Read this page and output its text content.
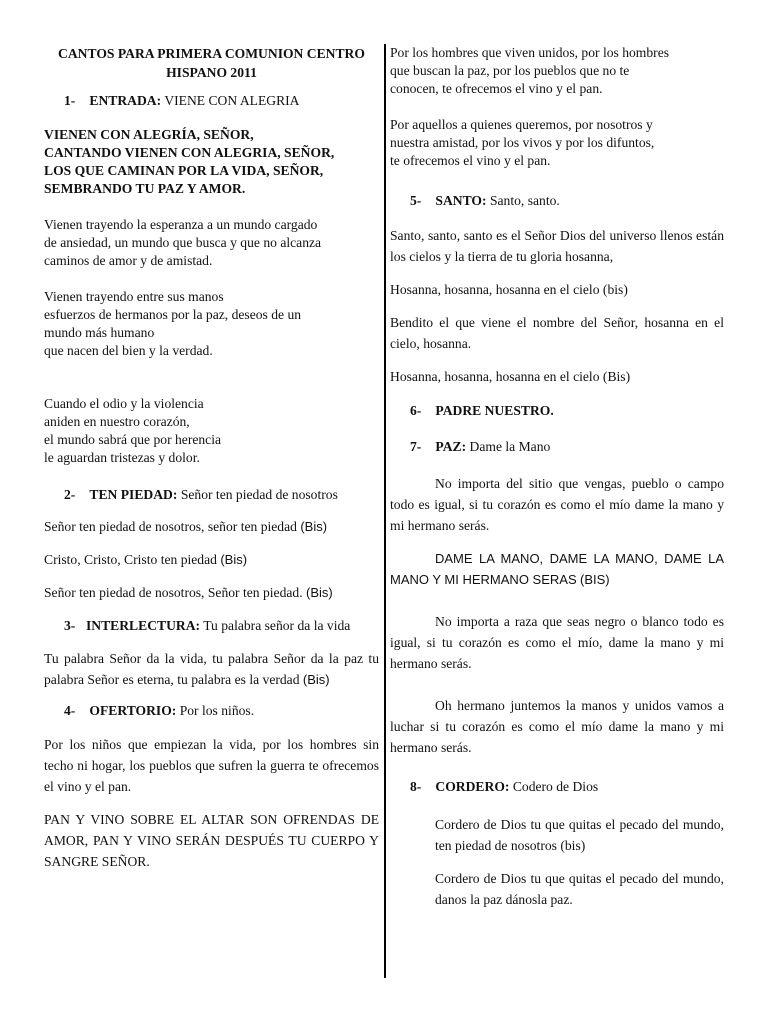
CANTOS PARA PRIMERA COMUNION CENTRO HISPANO 2011

1- ENTRADA: VIENE CON ALEGRIA

VIENEN CON ALEGRÍA, SEÑOR,

CANTANDO VIENEN CON ALEGRIA, SEÑOR,

LOS QUE CAMINAN POR LA VIDA, SEÑOR,

SEMBRANDO TU PAZ Y AMOR.

Vienen trayendo la esperanza a un mundo cargado

de ansiedad, un mundo que busca y que no alcanza

caminos de amor y de amistad.

Vienen trayendo entre sus manos

esfuerzos de hermanos por la paz, deseos de un

mundo más humano

que nacen del bien y la verdad.

Cuando el odio y la violencia

aniden en nuestro corazón,

el mundo sabrá que por herencia

le aguardan tristezas y dolor.

2- TEN PIEDAD: Señor ten piedad de nosotros

Señor ten piedad de nosotros, señor ten piedad (Bis)

Cristo, Cristo, Cristo ten piedad (Bis)

Señor ten piedad de nosotros, Señor ten piedad. (Bis)

3- INTERLECTURA: Tu palabra señor da la vida

Tu palabra Señor da la vida, tu palabra Señor da la paz tu palabra Señor es eterna, tu palabra es la verdad (Bis)

4- OFERTORIO: Por los niños.

Por los niños que empiezan la vida, por los hombres sin techo ni hogar, los pueblos que sufren la guerra te ofrecemos el vino y el pan.

PAN Y VINO SOBRE EL ALTAR SON OFRENDAS DE AMOR, PAN Y VINO SERÁN DESPUÉS TU CUERPO Y SANGRE SEÑOR.

Por los hombres que viven unidos, por los hombres

que buscan la paz, por los pueblos que no te

conocen, te ofrecemos el vino y el pan.

Por aquellos a quienes queremos, por nosotros y

nuestra amistad, por los vivos y por los difuntos,

te ofrecemos el vino y el pan.

5- SANTO: Santo, santo.

Santo, santo, santo es el Señor Dios del universo llenos están los cielos y la tierra de tu gloria hosanna,

Hosanna, hosanna, hosanna en el cielo (bis)

Bendito el que viene el nombre del Señor, hosanna en el cielo, hosanna.

Hosanna, hosanna, hosanna en el cielo (Bis)

6- PADRE NUESTRO.

7- PAZ: Dame la Mano

No importa del sitio que vengas, pueblo o campo todo es igual, si tu corazón es como el mío dame la mano y mi hermano serás.

DAME LA MANO, DAME LA MANO, DAME LA MANO Y MI HERMANO SERAS (BIS)

No importa a raza que seas negro o blanco todo es igual, si tu corazón es como el mío, dame la mano y mi hermano serás.

Oh hermano juntemos la manos y unidos vamos a luchar si tu corazón es como el mío dame la mano y mi hermano serás.

8- CORDERO: Codero de Dios

Cordero de Dios tu que quitas el pecado del mundo, ten piedad de nosotros (bis)

Cordero de Dios tu que quitas el pecado del mundo, danos la paz dánosla paz.
